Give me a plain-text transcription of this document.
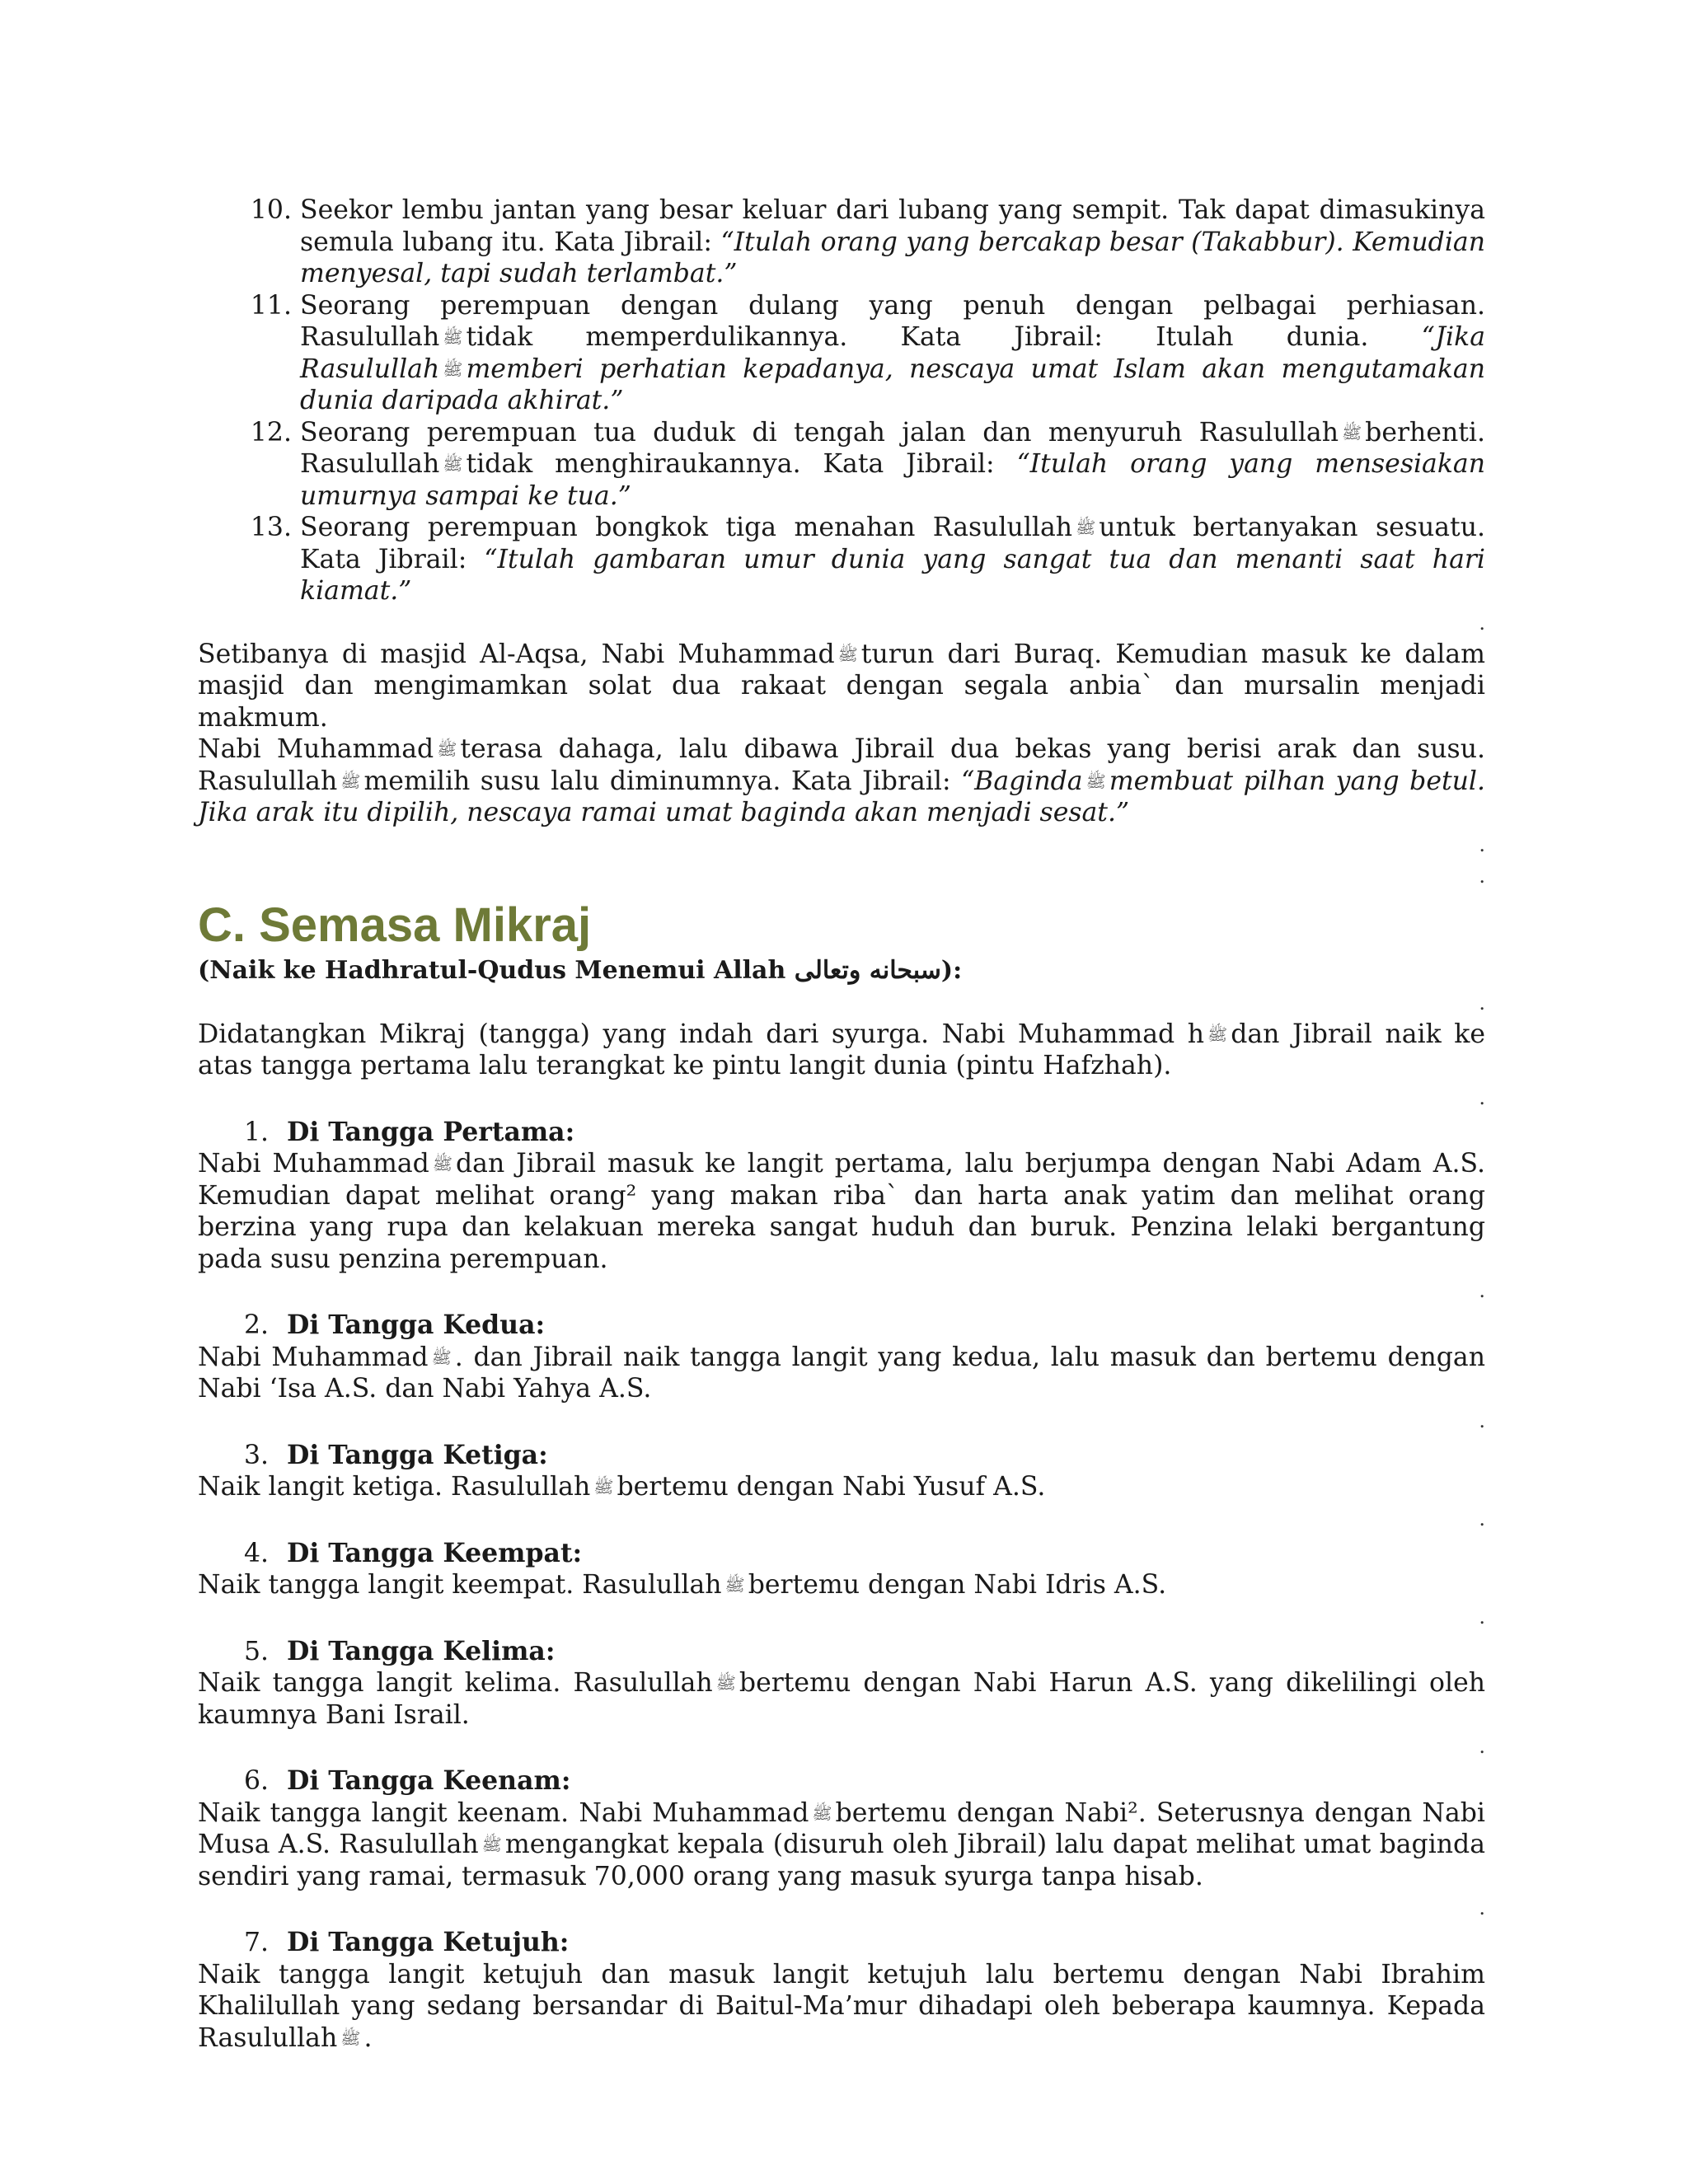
10. Seekor lembu jantan yang besar keluar dari lubang yang sempit. Tak dapat dimasukinya semula lubang itu. Kata Jibrail: “Itulah orang yang bercakap besar (Takabbur). Kemudian menyesal, tapi sudah terlambat.”
11. Seorang perempuan dengan dulang yang penuh dengan pelbagai perhiasan. Rasulullah ﷺ tidak memperdulikannya. Kata Jibrail: Itulah dunia. “Jika Rasulullah ﷺ memberi perhatian kepadanya, nescaya umat Islam akan mengutamakan dunia daripada akhirat.”
12. Seorang perempuan tua duduk di tengah jalan dan menyuruh Rasulullah ﷺ berhenti. Rasulullah ﷺ tidak menghiraukannya. Kata Jibrail: “Itulah orang yang mensesiakan umurnya sampai ke tua.”
13. Seorang perempuan bongkok tiga menahan Rasulullah ﷺ untuk bertanyakan sesuatu. Kata Jibrail: “Itulah gambaran umur dunia yang sangat tua dan menanti saat hari kiamat.”
.

Setibanya di masjid Al-Aqsa, Nabi Muhammad ﷺ turun dari Buraq. Kemudian masuk ke dalam masjid dan mengimamkan solat dua rakaat dengan segala anbia` dan mursalin menjadi makmum.

Nabi Muhammad ﷺ terasa dahaga, lalu dibawa Jibrail dua bekas yang berisi arak dan susu. Rasulullah ﷺ memilih susu lalu diminumnya. Kata Jibrail: “Baginda ﷺ membuat pilhan yang betul. Jika arak itu dipilih, nescaya ramai umat baginda akan menjadi sesat.”

.
.
C. Semasa Mikraj

(Naik ke Hadhratul-Qudus Menemui Allah سبحانه وتعالى):

.

Didatangkan Mikraj (tangga) yang indah dari syurga. Nabi Muhammad h ﷺ dan Jibrail naik ke atas tangga pertama lalu terangkat ke pintu langit dunia (pintu Hafzhah).

.
1. Di Tangga Pertama:

Nabi Muhammad ﷺ dan Jibrail masuk ke langit pertama, lalu berjumpa dengan Nabi Adam A.S. Kemudian dapat melihat orang² yang makan riba` dan harta anak yatim dan melihat orang berzina yang rupa dan kelakuan mereka sangat huduh dan buruk. Penzina lelaki bergantung pada susu penzina perempuan.

.
2. Di Tangga Kedua:

Nabi Muhammad ﷺ . dan Jibrail naik tangga langit yang kedua, lalu masuk dan bertemu dengan Nabi ‘Isa A.S. dan Nabi Yahya A.S.

.
3. Di Tangga Ketiga:

Naik langit ketiga. Rasulullah ﷺ bertemu dengan Nabi Yusuf A.S.

.
4. Di Tangga Keempat:

Naik tangga langit keempat. Rasulullah ﷺ bertemu dengan Nabi Idris A.S.

.
5. Di Tangga Kelima:

Naik tangga langit kelima. Rasulullah ﷺ bertemu dengan Nabi Harun A.S. yang dikelilingi oleh kaumnya Bani Israil.

.
6. Di Tangga Keenam:

Naik tangga langit keenam. Nabi Muhammad ﷺ bertemu dengan Nabi². Seterusnya dengan Nabi Musa A.S. Rasulullah ﷺ mengangkat kepala (disuruh oleh Jibrail) lalu dapat melihat umat baginda sendiri yang ramai, termasuk 70,000 orang yang masuk syurga tanpa hisab.

.
7. Di Tangga Ketujuh:

Naik tangga langit ketujuh dan masuk langit ketujuh lalu bertemu dengan Nabi Ibrahim Khalilullah yang sedang bersandar di Baitul-Ma’mur dihadapi oleh beberapa kaumnya. Kepada Rasulullah ﷺ .
